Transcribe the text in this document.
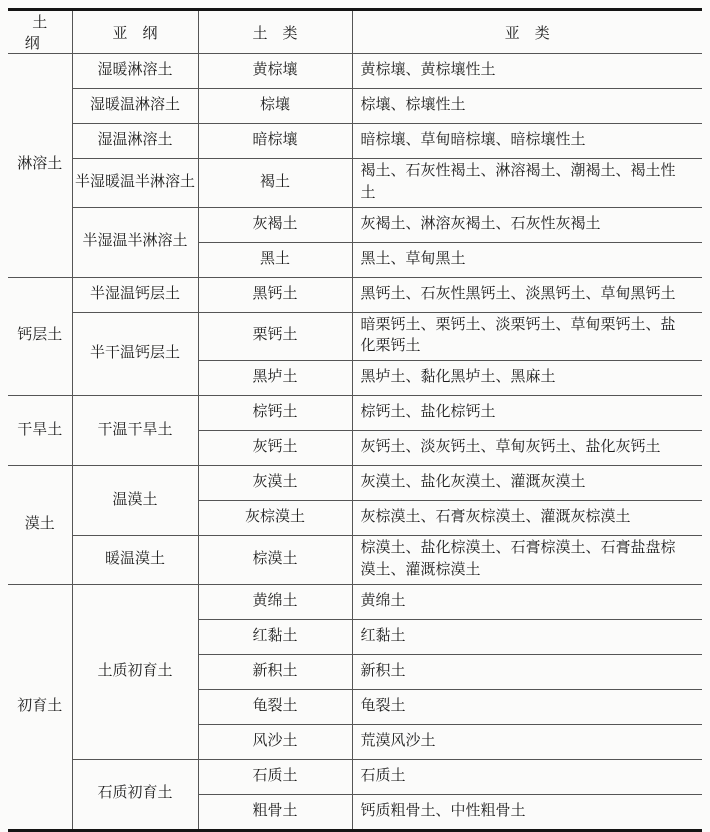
土纲	亚纲	土类	亚类
淋溶土	湿暖淋溶土	黄棕壤	黄棕壤、黄棕壤性土
	湿暖温淋溶土	棕壤	棕壤、棕壤性土
	湿温淋溶土	暗棕壤	暗棕壤、草甸暗棕壤、暗棕壤性土
	半湿暖温半淋溶土	褐土	褐土、石灰性褐土、淋溶褐土、潮褐土、褐土性土
	半湿温半淋溶土	灰褐土	灰褐土、淋溶灰褐土、石灰性灰褐土
		黑土	黑土、草甸黑土
钙层土	半湿温钙层土	黑钙土	黑钙土、石灰性黑钙土、淡黑钙土、草甸黑钙土
	半干温钙层土	栗钙土	暗栗钙土、栗钙土、淡栗钙土、草甸栗钙土、盐化栗钙土
		黑垆土	黑垆土、黏化黑垆土、黑麻土
干旱土	干温干旱土	棕钙土	棕钙土、盐化棕钙土
		灰钙土	灰钙土、淡灰钙土、草甸灰钙土、盐化灰钙土
漠土	温漠土	灰漠土	灰漠土、盐化灰漠土、灌溉灰漠土
		灰棕漠土	灰棕漠土、石膏灰棕漠土、灌溉灰棕漠土
	暖温漠土	棕漠土	棕漠土、盐化棕漠土、石膏棕漠土、石膏盐盘棕漠土、灌溉棕漠土
初育土	土质初育土	黄绵土	黄绵土
		红黏土	红黏土
		新积土	新积土
		龟裂土	龟裂土
		风沙土	荒漠风沙土
	石质初育土	石质土	石质土
		粗骨土	钙质粗骨土、中性粗骨土
